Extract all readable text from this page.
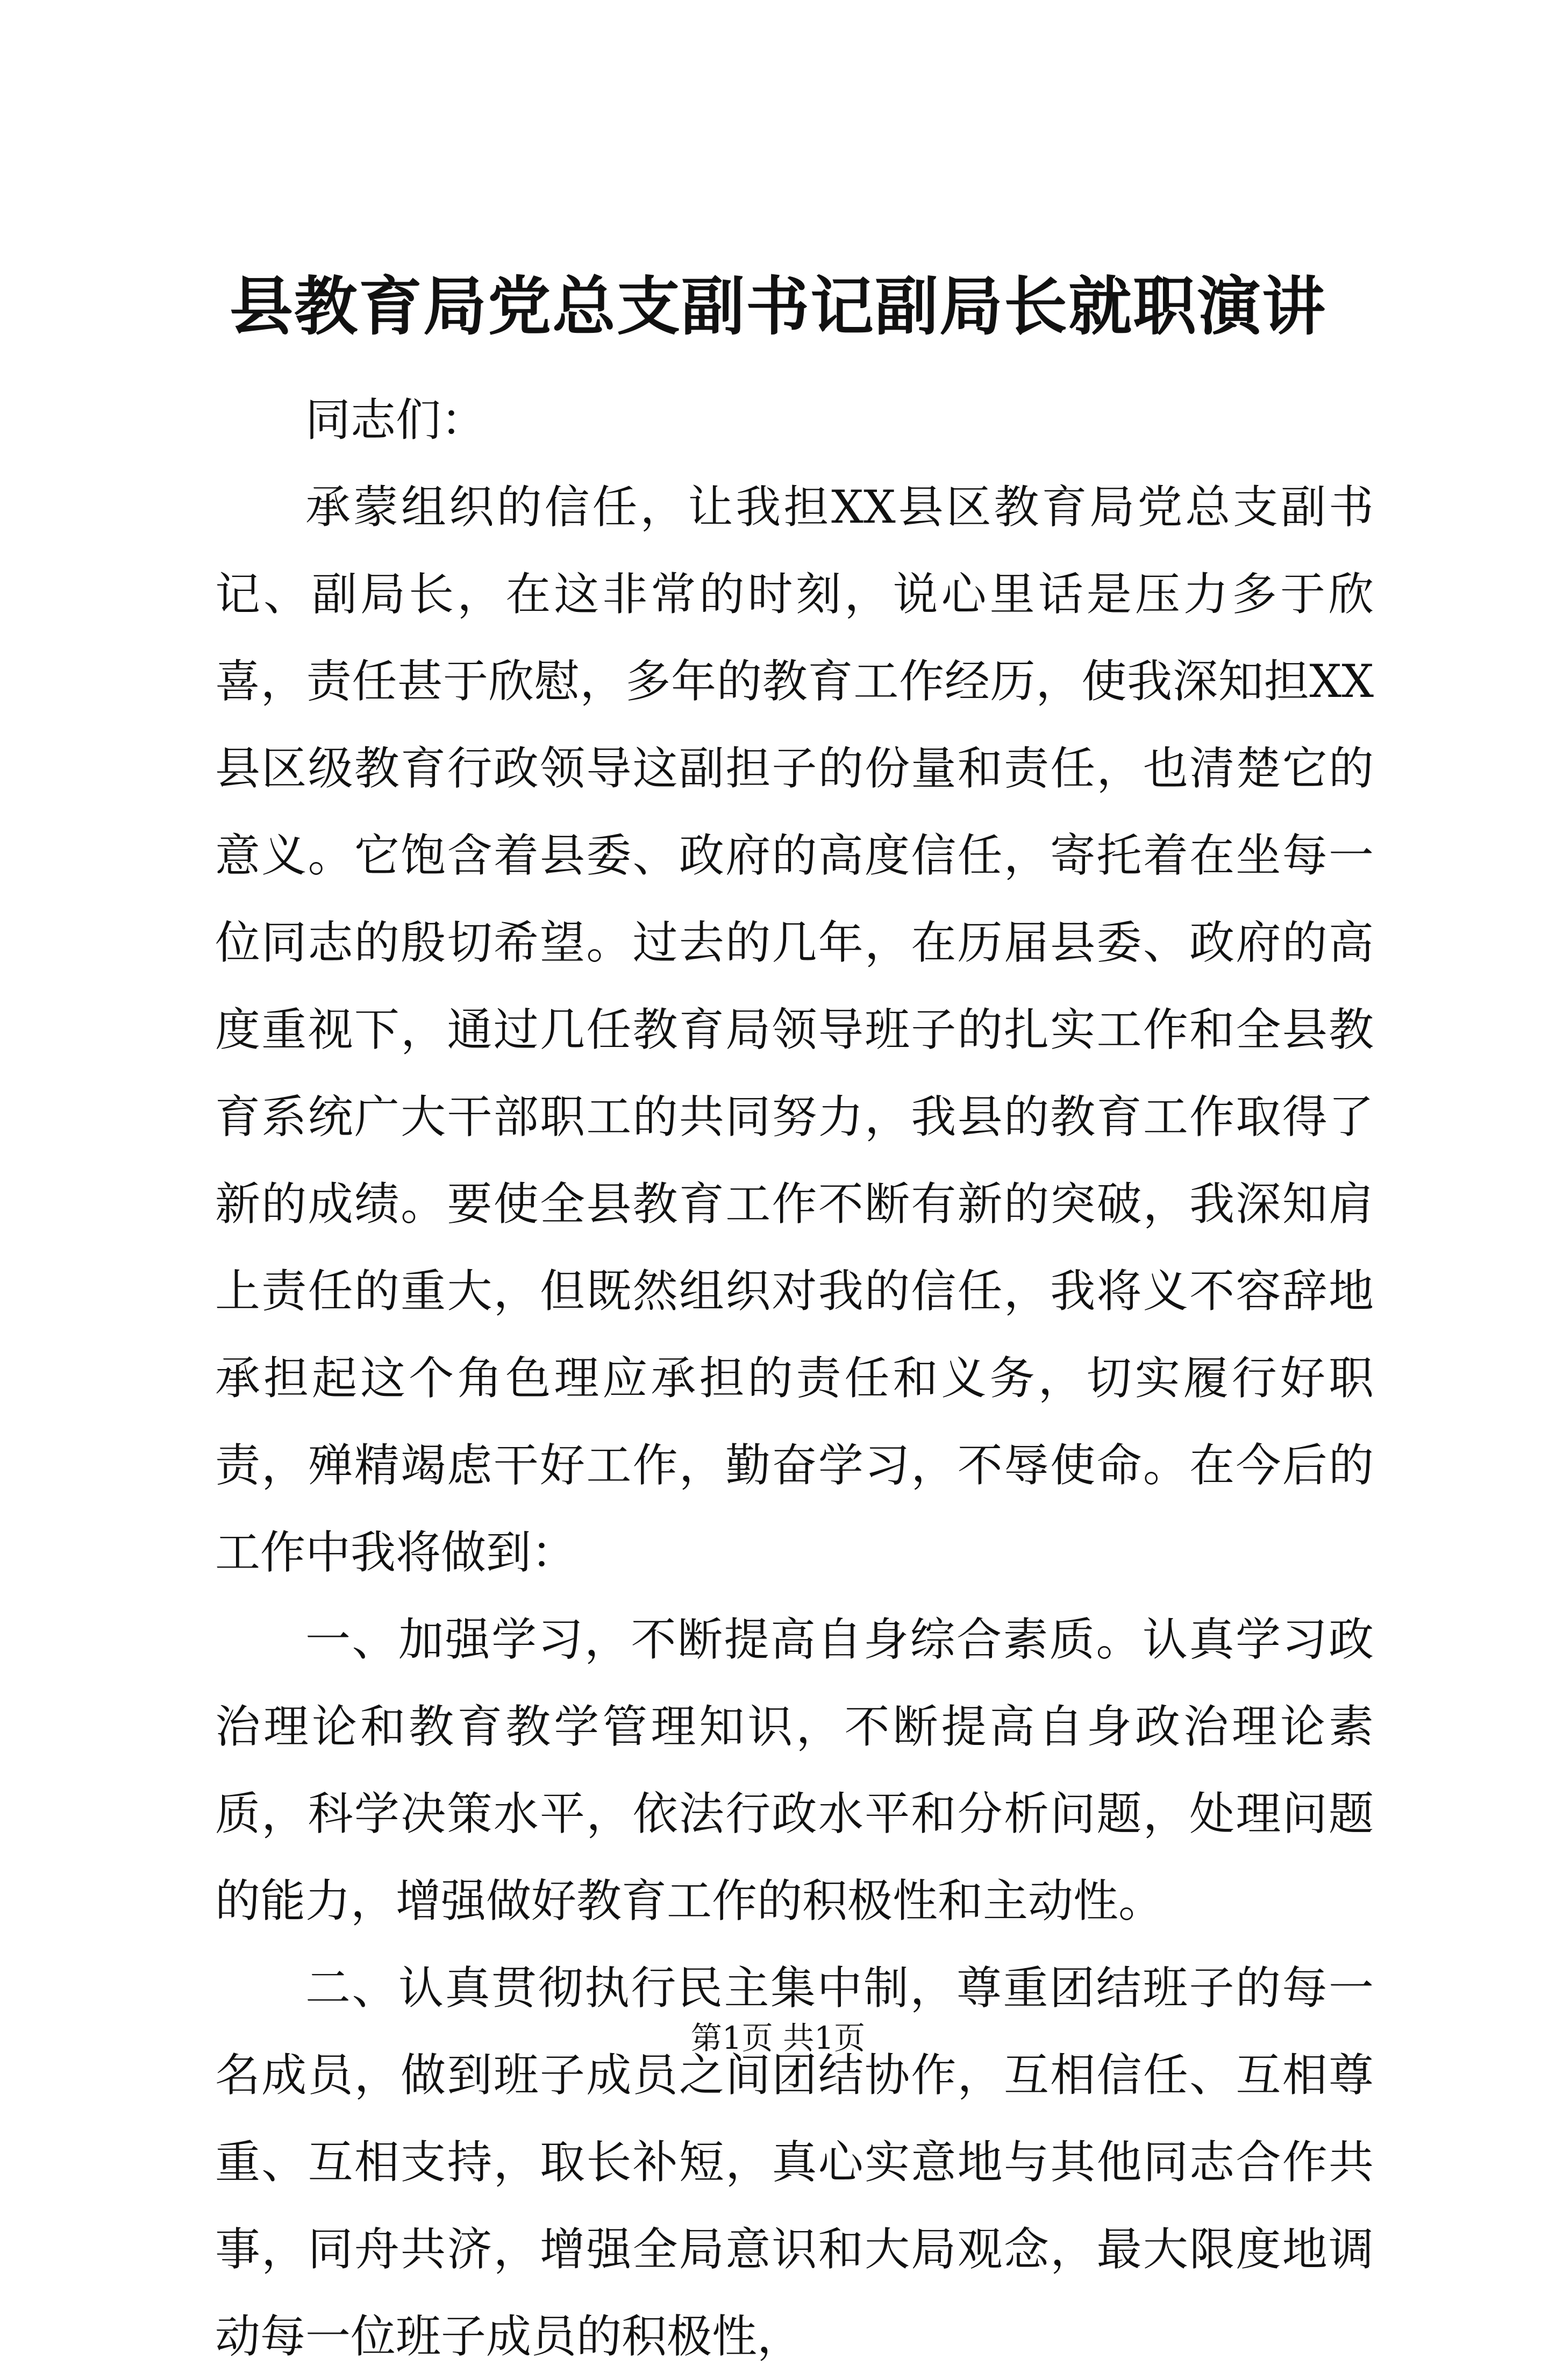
县教育局党总支副书记副局长就职演讲

同志们：

承蒙组织的信任，让我担XX县区教育局党总支副书记、副局长，在这非常的时刻，说心里话是压力多于欣喜，责任甚于欣慰，多年的教育工作经历，使我深知担XX县区级教育行政领导这副担子的份量和责任，也清楚它的意义。它饱含着县委、政府的高度信任，寄托着在坐每一位同志的殷切希望。过去的几年，在历届县委、政府的高度重视下，通过几任教育局领导班子的扎实工作和全县教育系统广大干部职工的共同努力，我县的教育工作取得了新的成绩。要使全县教育工作不断有新的突破，我深知肩上责任的重大，但既然组织对我的信任，我将义不容辞地承担起这个角色理应承担的责任和义务，切实履行好职责，殚精竭虑干好工作，勤奋学习，不辱使命。在今后的工作中我将做到：

一、加强学习，不断提高自身综合素质。认真学习政治理论和教育教学管理知识，不断提高自身政治理论素质，科学决策水平，依法行政水平和分析问题，处理问题的能力，增强做好教育工作的积极性和主动性。

二、认真贯彻执行民主集中制，尊重团结班子的每一名成员，做到班子成员之间团结协作，互相信任、互相尊重、互相支持，取长补短，真心实意地与其他同志合作共事，同舟共济，增强全局意识和大局观念，最大限度地调动每一位班子成员的积极性，

第1页 共1页
